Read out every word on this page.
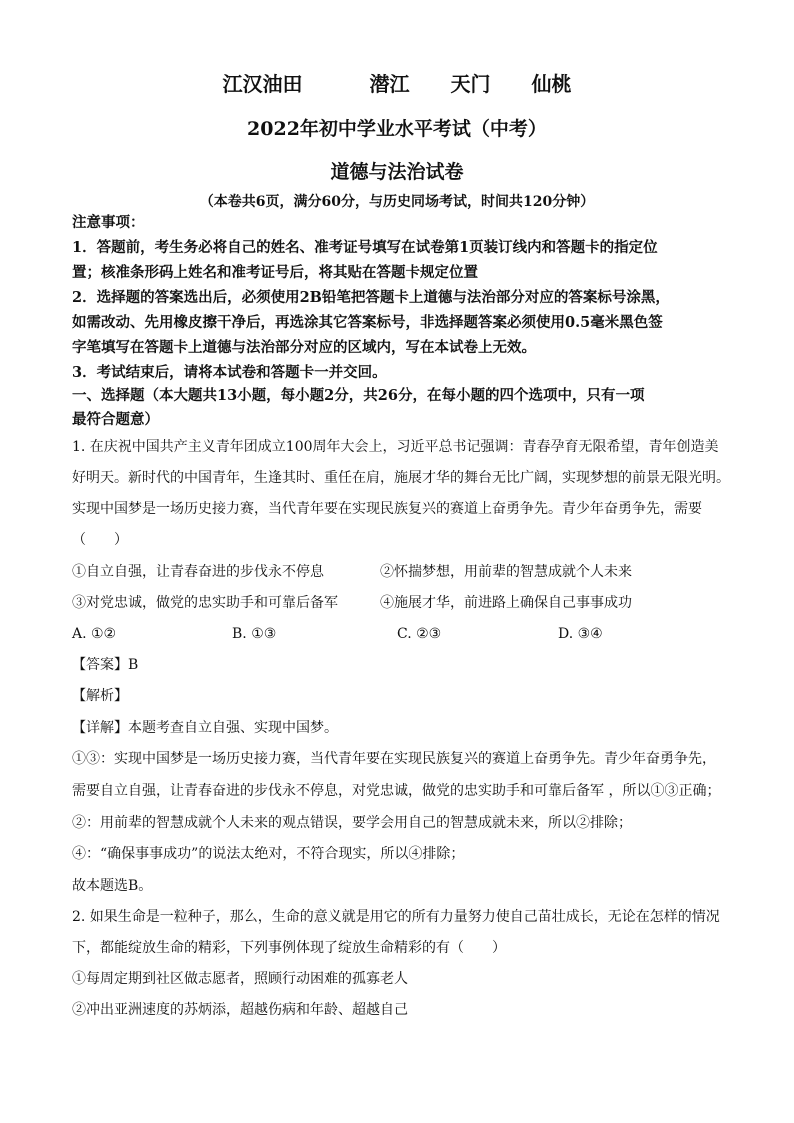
江汉油田	潜江 天门 仙桃
2022年初中学业水平考试（中考）
道德与法治试卷
（本卷共6页，满分60分，与历史同场考试，时间共120分钟）
注意事项：
1．答题前，考生务必将自己的姓名、准考证号填写在试卷第1页装订线内和答题卡的指定位
置；核准条形码上姓名和准考证号后，将其贴在答题卡规定位置
2．选择题的答案选出后，必须使用2B铅笔把答题卡上道德与法治部分对应的答案标号涂黑，
如需改动、先用橡皮擦干净后，再选涂其它答案标号，非选择题答案必须使用0.5毫米黑色签
字笔填写在答题卡上道德与法治部分对应的区域内，写在本试卷上无效。
3．考试结束后，请将本试卷和答题卡一并交回。
一、选择题（本大题共13小题，每小题2分，共26分，在每小题的四个选项中，只有一项
最符合题意）
1. 在庆祝中国共产主义青年团成立100周年大会上，习近平总书记强调：青春孕育无限希望，青年创造美
好明天。新时代的中国青年，生逢其时、重任在肩，施展才华的舞台无比广阔，实现梦想的前景无限光明。
实现中国梦是一场历史接力赛，当代青年要在实现民族复兴的赛道上奋勇争先。青少年奋勇争先，需要
（　　）
①自立自强，让青春奋进的步伐永不停息	②怀揣梦想，用前辈的智慧成就个人未来
③对党忠诚，做党的忠实助手和可靠后备军	④施展才华，前进路上确保自己事事成功
A. ①②	B. ①③	C. ②③	D. ③④
【答案】B
【解析】
【详解】本题考查自立自强、实现中国梦。
①③：实现中国梦是一场历史接力赛，当代青年要在实现民族复兴的赛道上奋勇争先。青少年奋勇争先，
需要自立自强，让青春奋进的步伐永不停息，对党忠诚，做党的忠实助手和可靠后备军 ，所以①③正确；
②：用前辈的智慧成就个人未来的观点错误，要学会用自己的智慧成就未来，所以②排除；
④：“确保事事成功”的说法太绝对，不符合现实，所以④排除；
故本题选B。
2. 如果生命是一粒种子，那么，生命的意义就是用它的所有力量努力使自己苗壮成长，无论在怎样的情况
下，都能绽放生命的精彩，下列事例体现了绽放生命精彩的有（　　）
①每周定期到社区做志愿者，照顾行动困难的孤寡老人
②冲出亚洲速度的苏炳添，超越伤病和年龄、超越自己
